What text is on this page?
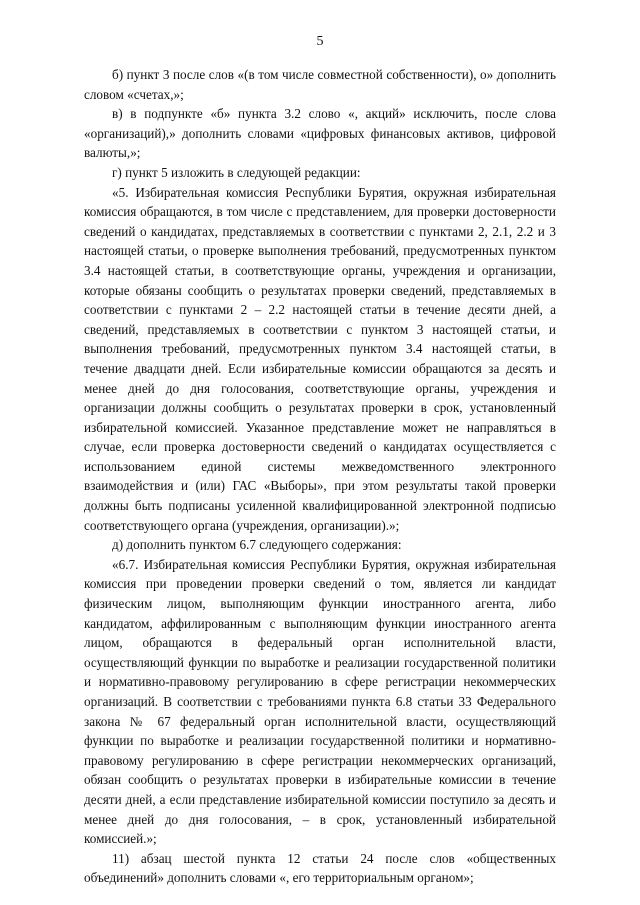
5

б) пункт 3 после слов «(в том числе совместной собственности), о» дополнить словом «счетах,»;

в) в подпункте «б» пункта 3.2 слово «, акций» исключить, после слова «организаций),» дополнить словами «цифровых финансовых активов, цифровой валюты,»;

г) пункт 5 изложить в следующей редакции:

«5. Избирательная комиссия Республики Бурятия, окружная избирательная комиссия обращаются, в том числе с представлением, для проверки достоверности сведений о кандидатах, представляемых в соответствии с пунктами 2, 2.1, 2.2 и 3 настоящей статьи, о проверке выполнения требований, предусмотренных пунктом 3.4 настоящей статьи, в соответствующие органы, учреждения и организации, которые обязаны сообщить о результатах проверки сведений, представляемых в соответствии с пунктами 2 – 2.2 настоящей статьи в течение десяти дней, а сведений, представляемых в соответствии с пунктом 3 настоящей статьи, и выполнения требований, предусмотренных пунктом 3.4 настоящей статьи, в течение двадцати дней. Если избирательные комиссии обращаются за десять и менее дней до дня голосования, соответствующие органы, учреждения и организации должны сообщить о результатах проверки в срок, установленный избирательной комиссией. Указанное представление может не направляться в случае, если проверка достоверности сведений о кандидатах осуществляется с использованием единой системы межведомственного электронного взаимодействия и (или) ГАС «Выборы», при этом результаты такой проверки должны быть подписаны усиленной квалифицированной электронной подписью соответствующего органа (учреждения, организации).»;

д) дополнить пунктом 6.7 следующего содержания:

«6.7. Избирательная комиссия Республики Бурятия, окружная избирательная комиссия при проведении проверки сведений о том, является ли кандидат физическим лицом, выполняющим функции иностранного агента, либо кандидатом, аффилированным с выполняющим функции иностранного агента лицом, обращаются в федеральный орган исполнительной власти, осуществляющий функции по выработке и реализации государственной политики и нормативно-правовому регулированию в сфере регистрации некоммерческих организаций. В соответствии с требованиями пункта 6.8 статьи 33 Федерального закона № 67 федеральный орган исполнительной власти, осуществляющий функции по выработке и реализации государственной политики и нормативно-правовому регулированию в сфере регистрации некоммерческих организаций, обязан сообщить о результатах проверки в избирательные комиссии в течение десяти дней, а если представление избирательной комиссии поступило за десять и менее дней до дня голосования, – в срок, установленный избирательной комиссией.»;

11) абзац шестой пункта 12 статьи 24 после слов «общественных объединений» дополнить словами «, его территориальным органом»;
